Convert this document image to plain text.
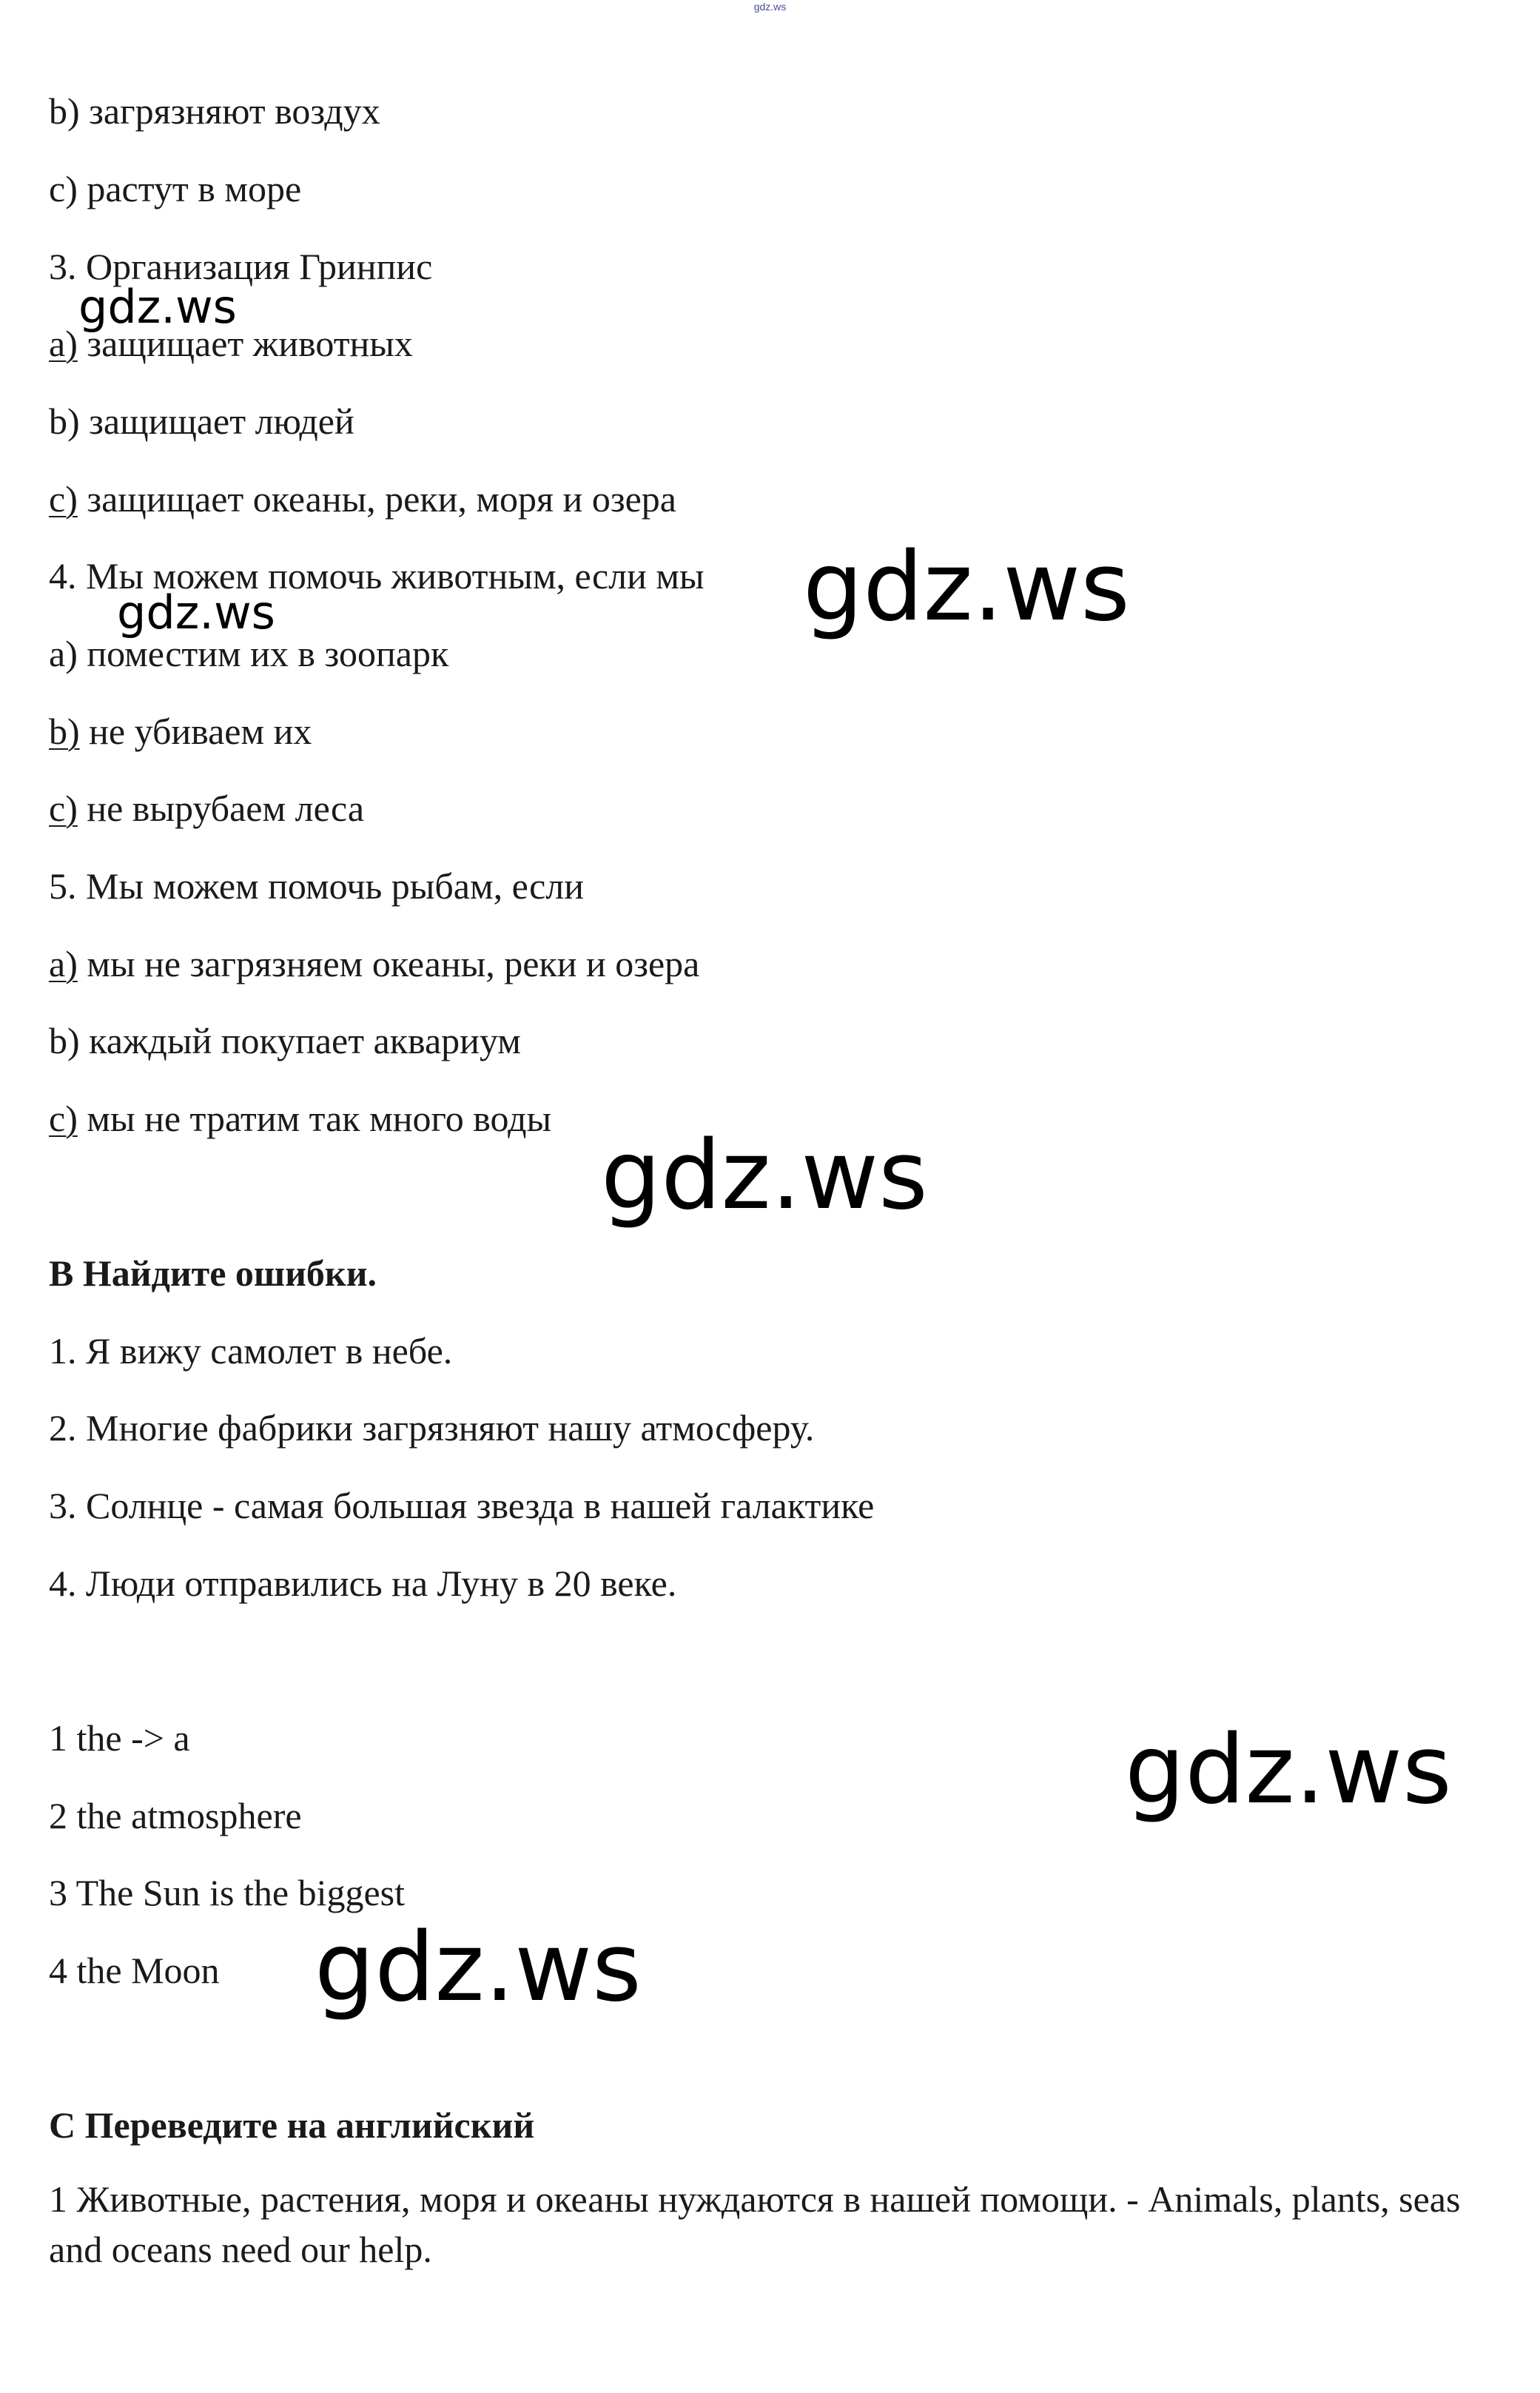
gdz.ws
b) загрязняют воздух
c) растут в море
3. Организация Гринпис
a) защищает животных
b) защищает людей
c) защищает океаны, реки, моря и озера
4. Мы можем помочь животным, если мы
a) поместим их в зоопарк
b) не убиваем их
c) не вырубаем леса
5. Мы можем помочь рыбам, если
a) мы не загрязняем океаны, реки и озера
b) каждый покупает аквариум
c) мы не тратим так много воды
B Найдите ошибки.
1. Я вижу самолет в небе.
2. Многие фабрики загрязняют нашу атмосферу.
3. Солнце - самая большая звезда в нашей галактике
4. Люди отправились на Луну в 20 веке.
1 the -> a
2 the atmosphere
3 The Sun is the biggest
4 the Moon
C Переведите на английский
1 Животные, растения, моря и океаны нуждаются в нашей помощи. - Animals, plants, seas and oceans need our help.
gdz.ws
gdz.ws
gdz.ws
gdz.ws
gdz.ws
gdz.ws
